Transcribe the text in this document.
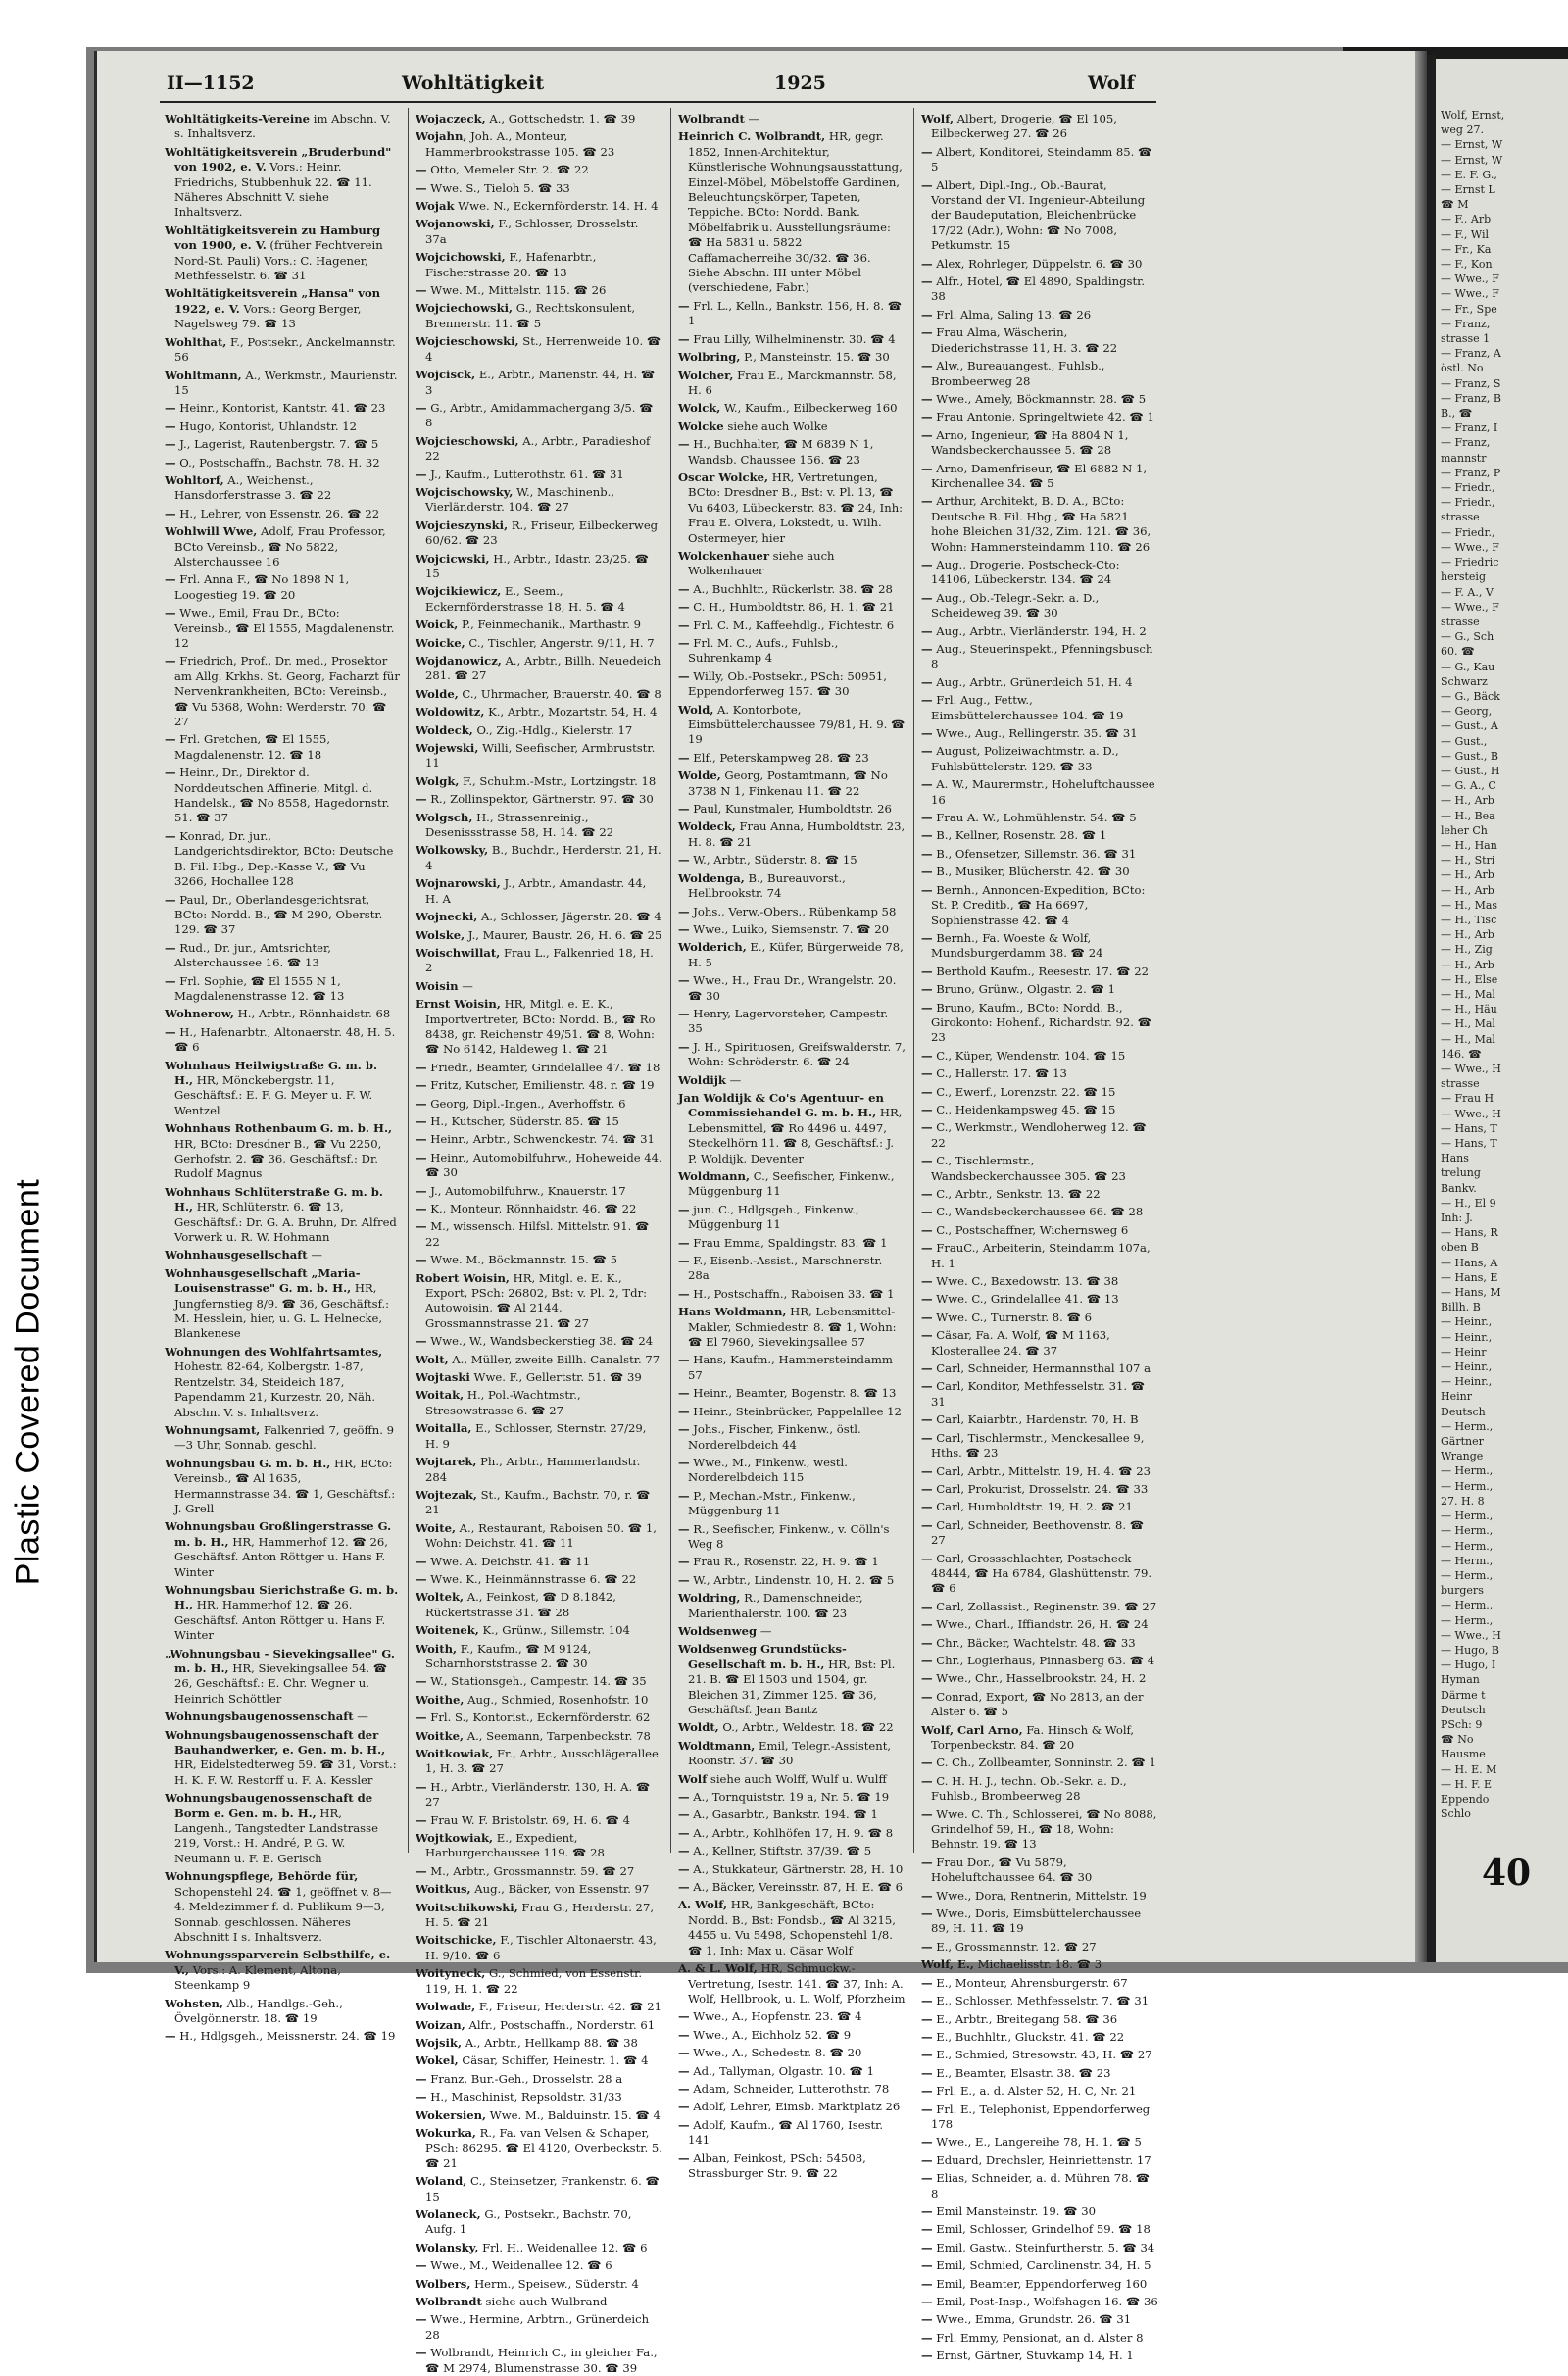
Plastic Covered Document
II—1152	Wohltätigkeit	1925	Wolf
Wohltätigkeits-Vereine im Abschn. V. s. Inhaltsverz.
Wohltätigkeitsverein „Bruderbund" von 1902, e. V. Vors.: Heinr. Friedrichs, Stubbenhuk 22. ☎ 11. Näheres Abschnitt V. siehe Inhaltsverz.
Wohltätigkeitsverein zu Hamburg von 1900, e. V. (früher Fechtverein Nord-St. Pauli) Vors.: C. Hagener, Methfesselstr. 6. ☎ 31
Wohltätigkeitsverein „Hansa" von 1922, e. V. Vors.: Georg Berger, Nagelsweg 79. ☎ 13
Wohlthat, F., Postsekr., Anckelmannstr. 56
Wohltmann, A., Werkmstr., Maurienstr. 15
— Heinr., Kontorist, Kantstr. 41. ☎ 23
— Hugo, Kontorist, Uhlandstr. 12
— J., Lagerist, Rautenbergstr. 7. ☎ 5
— O., Postschaffn., Bachstr. 78. H. 32
Wohltorf, A., Weichenst., Hansdorferstrasse 3. ☎ 22
— H., Lehrer, von Essenstr. 26. ☎ 22
Wohlwill Wwe, Adolf, Frau Professor, BCto Vereinsb., ☎ No 5822, Alsterchaussee 16
— Frl. Anna F., ☎ No 1898 N 1, Loogestieg 19. ☎ 20
— Wwe., Emil, Frau Dr., BCto: Vereinsb., ☎ El 1555, Magdalenenstr. 12
— Friedrich, Prof., Dr. med., Prosektor am Allg. Krkhs. St. Georg, Facharzt für Nervenkrankheiten, BCto: Vereinsb., ☎ Vu 5368, Wohn: Werderstr. 70. ☎ 27
— Frl. Gretchen, ☎ El 1555, Magdalenenstr. 12. ☎ 18
— Heinr., Dr., Direktor d. Norddeutschen Affinerie, Mitgl. d. Handelsk., ☎ No 8558, Hagedornstr. 51. ☎ 37
— Konrad, Dr. jur., Landgerichtsdirektor, BCto: Deutsche B. Fil. Hbg., Dep.-Kasse V., ☎ Vu 3266, Hochallee 128
— Paul, Dr., Oberlandesgerichtsrat, BCto: Nordd. B., ☎ M 290, Oberstr. 129. ☎ 37
— Rud., Dr. jur., Amtsrichter, Alsterchaussee 16. ☎ 13
— Frl. Sophie, ☎ El 1555 N 1, Magdalenenstrasse 12. ☎ 13
Wohnerow, H., Arbtr., Rönnhaidstr. 68
— H., Hafenarbtr., Altonaerstr. 48, H. 5. ☎ 6
Wohnhaus Heilwigstraße G. m. b. H., HR, Mönckebergstr. 11, Geschäftsf.: E. F. G. Meyer u. F. W. Wentzel
Wohnhaus Rothenbaum G. m. b. H., HR, BCto: Dresdner B., ☎ Vu 2250, Gerhofstr. 2. ☎ 36, Geschäftsf.: Dr. Rudolf Magnus
Wohnhaus Schlüterstraße G. m. b. H., HR, Schlüterstr. 6. ☎ 13, Geschäftsf.: Dr. G. A. Bruhn, Dr. Alfred Vorwerk u. R. W. Hohmann
Wohnhausgesellschaft —
Wohnhausgesellschaft „Maria-Louisenstrasse" G. m. b. H., HR, Jungfernstieg 8/9. ☎ 36, Geschäftsf.: M. Hesslein, hier, u. G. L. Helnecke, Blankenese
Wohnungen des Wohlfahrtsamtes, Hohestr. 82-64, Kolbergstr. 1-87, Rentzelstr. 34, Steideich 187, Papendamm 21, Kurzestr. 20, Näh. Abschn. V. s. Inhaltsverz.
Wohnungsamt, Falkenried 7, geöffn. 9—3 Uhr, Sonnab. geschl.
Wohnungsbau G. m. b. H., HR, BCto: Vereinsb., ☎ Al 1635, Hermannstrasse 34. ☎ 1, Geschäftsf.: J. Grell
Wohnungsbau Großlingerstrasse G. m. b. H., HR, Hammerhof 12. ☎ 26, Geschäftsf. Anton Röttger u. Hans F. Winter
Wohnungsbau Sierichstraße G. m. b. H., HR, Hammerhof 12. ☎ 26, Geschäftsf. Anton Röttger u. Hans F. Winter
„Wohnungsbau - Sievekingsallee" G. m. b. H., HR, Sievekingsallee 54. ☎ 26, Geschäftsf.: E. Chr. Wegner u. Heinrich Schöttler
Wohnungsbaugenossenschaft —
Wohnungsbaugenossenschaft der Bauhandwerker, e. Gen. m. b. H., HR, Eidelstedterweg 59. ☎ 31, Vorst.: H. K. F. W. Restorff u. F. A. Kessler
Wohnungsbaugenossenschaft de Borm e. Gen. m. b. H., HR, Langenh., Tangstedter Landstrasse 219, Vorst.: H. André, P. G. W. Neumann u. F. E. Gerisch
Wohnungspflege, Behörde für, Schopenstehl 24. ☎ 1, geöffnet v. 8—4. Meldezimmer f. d. Publikum 9—3, Sonnab. geschlossen. Näheres Abschnitt I s. Inhaltsverz.
Wohnungssparverein Selbsthilfe, e. V., Vors.: A. Klement, Altona, Steenkamp 9
Wohsten, Alb., Handlgs.-Geh., Övelgönnerstr. 18. ☎ 19
— H., Hdlgsgeh., Meissnerstr. 24. ☎ 19
Wojaczeck, A., Gottschedstr. 1. ☎ 39
Wojahn, Joh. A., Monteur, Hammerbrookstrasse 105. ☎ 23
— Otto, Memeler Str. 2. ☎ 22
— Wwe. S., Tieloh 5. ☎ 33
Wojak Wwe. N., Eckernförderstr. 14. H. 4
Wojanowski, F., Schlosser, Drosselstr. 37a
Wojcichowski, F., Hafenarbtr., Fischerstrasse 20. ☎ 13
— Wwe. M., Mittelstr. 115. ☎ 26
Wojciechowski, G., Rechtskonsulent, Brennerstr. 11. ☎ 5
Wojcieschowski, St., Herrenweide 10. ☎ 4
Wojcisck, E., Arbtr., Marienstr. 44, H. ☎ 3
— G., Arbtr., Amidammachergang 3/5. ☎ 8
Wojcieschowski, A., Arbtr., Paradieshof 22
— J., Kaufm., Lutterothstr. 61. ☎ 31
Wojcischowsky, W., Maschinenb., Vierländerstr. 104. ☎ 27
Wojcieszynski, R., Friseur, Eilbeckerweg 60/62. ☎ 23
Wojcicwski, H., Arbtr., Idastr. 23/25. ☎ 15
Wojcikiewicz, E., Seem., Eckernförderstrasse 18, H. 5. ☎ 4
Woick, P., Feinmechanik., Marthastr. 9
Woicke, C., Tischler, Angerstr. 9/11, H. 7
Wojdanowicz, A., Arbtr., Billh. Neuedeich 281. ☎ 27
Wolde, C., Uhrmacher, Brauerstr. 40. ☎ 8
Woldowitz, K., Arbtr., Mozartstr. 54, H. 4
Woldeck, O., Zig.-Hdlg., Kielerstr. 17
Wojewski, Willi, Seefischer, Armbruststr. 11
Wolgk, F., Schuhm.-Mstr., Lortzingstr. 18
— R., Zollinspektor, Gärtnerstr. 97. ☎ 30
Wolgsch, H., Strassenreinig., Desenissstrasse 58, H. 14. ☎ 22
Wolkowsky, B., Buchdr., Herderstr. 21, H. 4
Wojnarowski, J., Arbtr., Amandastr. 44, H. A
Wojnecki, A., Schlosser, Jägerstr. 28. ☎ 4
Wolske, J., Maurer, Baustr. 26, H. 6. ☎ 25
Woischwillat, Frau L., Falkenried 18, H. 2
Woisin —
Ernst Woisin, HR, Mitgl. e. E. K., Importvertreter, BCto: Nordd. B., ☎ Ro 8438, gr. Reichenstr 49/51. ☎ 8, Wohn: ☎ No 6142, Haldeweg 1. ☎ 21
— Friedr., Beamter, Grindelallee 47. ☎ 18
— Fritz, Kutscher, Emilienstr. 48. r. ☎ 19
— Georg, Dipl.-Ingen., Averhoffstr. 6
— H., Kutscher, Süderstr. 85. ☎ 15
— Heinr., Arbtr., Schwenckestr. 74. ☎ 31
— Heinr., Automobilfuhrw., Hoheweide 44. ☎ 30
— J., Automobilfuhrw., Knauerstr. 17
— K., Monteur, Rönnhaidstr. 46. ☎ 22
— M., wissensch. Hilfsl. Mittelstr. 91. ☎ 22
— Wwe. M., Böckmannstr. 15. ☎ 5
Robert Woisin, HR, Mitgl. e. E. K., Export, PSch: 26802, Bst: v. Pl. 2, Tdr: Autowoisin, ☎ Al 2144, Grossmannstrasse 21. ☎ 27
— Wwe., W., Wandsbeckerstieg 38. ☎ 24
Wolt, A., Müller, zweite Billh. Canalstr. 77
Wojtaski Wwe. F., Gellertstr. 51. ☎ 39
Woitak, H., Pol.-Wachtmstr., Stresowstrasse 6. ☎ 27
Woitalla, E., Schlosser, Sternstr. 27/29, H. 9
Wojtarek, Ph., Arbtr., Hammerlandstr. 284
Wojtezak, St., Kaufm., Bachstr. 70, r. ☎ 21
Woite, A., Restaurant, Raboisen 50. ☎ 1, Wohn: Deichstr. 41. ☎ 11
— Wwe. A. Deichstr. 41. ☎ 11
— Wwe. K., Heinmännstrasse 6. ☎ 22
Woltek, A., Feinkost, ☎ D 8.1842, Rückertstrasse 31. ☎ 28
Woitenek, K., Grünw., Sillemstr. 104
Woith, F., Kaufm., ☎ M 9124, Scharnhorststrasse 2. ☎ 30
— W., Stationsgeh., Campestr. 14. ☎ 35
Woithe, Aug., Schmied, Rosenhofstr. 10
— Frl. S., Kontorist., Eckernförderstr. 62
Woitke, A., Seemann, Tarpenbeckstr. 78
Woitkowiak, Fr., Arbtr., Ausschlägerallee 1, H. 3. ☎ 27
— H., Arbtr., Vierländerstr. 130, H. A. ☎ 27
— Frau W. F. Bristolstr. 69, H. 6. ☎ 4
Wojtkowiak, E., Expedient, Harburgerchaussee 119. ☎ 28
— M., Arbtr., Grossmannstr. 59. ☎ 27
Woitkus, Aug., Bäcker, von Essenstr. 97
Woitschikowski, Frau G., Herderstr. 27, H. 5. ☎ 21
Woitschicke, F., Tischler Altonaerstr. 43, H. 9/10. ☎ 6
Woityneck, G., Schmied, von Essenstr. 119, H. 1. ☎ 22
Wolwade, F., Friseur, Herderstr. 42. ☎ 21
Woizan, Alfr., Postschaffn., Norderstr. 61
Wojsik, A., Arbtr., Hellkamp 88. ☎ 38
Wokel, Cäsar, Schiffer, Heinestr. 1. ☎ 4
— Franz, Bur.-Geh., Drosselstr. 28 a
— H., Maschinist, Repsoldstr. 31/33
Wokersien, Wwe. M., Balduinstr. 15. ☎ 4
Wokurka, R., Fa. van Velsen & Schaper, PSch: 86295. ☎ El 4120, Overbeckstr. 5. ☎ 21
Woland, C., Steinsetzer, Frankenstr. 6. ☎ 15
Wolaneck, G., Postsekr., Bachstr. 70, Aufg. 1
Wolansky, Frl. H., Weidenallee 12. ☎ 6
— Wwe., M., Weidenallee 12. ☎ 6
Wolbers, Herm., Speisew., Süderstr. 4
Wolbrandt siehe auch Wulbrand
— Wwe., Hermine, Arbtrn., Grünerdeich 28
— Wolbrandt, Heinrich C., in gleicher Fa., ☎ M 2974, Blumenstrasse 30. ☎ 39
Wolbrandt —
Heinrich C. Wolbrandt, HR, gegr. 1852, Innen-Architektur, Künstlerische Wohnungsausstattung, Einzel-Möbel, Möbelstoffe Gardinen, Beleuchtungskörper, Tapeten, Teppiche. BCto: Nordd. Bank. Möbelfabrik u. Ausstellungsräume: ☎ Ha 5831 u. 5822 Caffamacherreihe 30/32. ☎ 36. Siehe Abschn. III unter Möbel (verschiedene, Fabr.)
— Frl. L., Kelln., Bankstr. 156, H. 8. ☎ 1
— Frau Lilly, Wilhelminenstr. 30. ☎ 4
Wolbring, P., Mansteinstr. 15. ☎ 30
Wolcher, Frau E., Marckmannstr. 58, H. 6
Wolck, W., Kaufm., Eilbeckerweg 160
Wolcke siehe auch Wolke
— H., Buchhalter, ☎ M 6839 N 1, Wandsb. Chaussee 156. ☎ 23
Oscar Wolcke, HR, Vertretungen, BCto: Dresdner B., Bst: v. Pl. 13, ☎ Vu 6403, Lübeckerstr. 83. ☎ 24, Inh: Frau E. Olvera, Lokstedt, u. Wilh. Ostermeyer, hier
Wolckenhauer siehe auch Wolkenhauer
— A., Buchhltr., Rückerlstr. 38. ☎ 28
— C. H., Humboldtstr. 86, H. 1. ☎ 21
— Frl. C. M., Kaffeehdlg., Fichtestr. 6
— Frl. M. C., Aufs., Fuhlsb., Suhrenkamp 4
— Willy, Ob.-Postsekr., PSch: 50951, Eppendorferweg 157. ☎ 30
Wold, A. Kontorbote, Eimsbüttelerchaussee 79/81, H. 9. ☎ 19
— Elf., Peterskampweg 28. ☎ 23
Wolde, Georg, Postamtmann, ☎ No 3738 N 1, Finkenau 11. ☎ 22
— Paul, Kunstmaler, Humboldtstr. 26
Woldeck, Frau Anna, Humboldtstr. 23, H. 8. ☎ 21
— W., Arbtr., Süderstr. 8. ☎ 15
Woldenga, B., Bureauvorst., Hellbrookstr. 74
— Johs., Verw.-Obers., Rübenkamp 58
— Wwe., Luiko, Siemsenstr. 7. ☎ 20
Wolderich, E., Küfer, Bürgerweide 78, H. 5
— Wwe., H., Frau Dr., Wrangelstr. 20. ☎ 30
— Henry, Lagervorsteher, Campestr. 35
— J. H., Spirituosen, Greifswalderstr. 7, Wohn: Schröderstr. 6. ☎ 24
Woldijk —
Jan Woldijk & Co's Agentuur- en Commissiehandel G. m. b. H., HR, Lebensmittel, ☎ Ro 4496 u. 4497, Steckelhörn 11. ☎ 8, Geschäftsf.: J. P. Woldijk, Deventer
Woldmann, C., Seefischer, Finkenw., Müggenburg 11
— jun. C., Hdlgsgeh., Finkenw., Müggenburg 11
— Frau Emma, Spaldingstr. 83. ☎ 1
— F., Eisenb.-Assist., Marschnerstr. 28a
— H., Postschaffn., Raboisen 33. ☎ 1
Hans Woldmann, HR, Lebensmittel-Makler, Schmiedestr. 8. ☎ 1, Wohn: ☎ El 7960, Sievekingsallee 57
— Hans, Kaufm., Hammersteindamm 57
— Heinr., Beamter, Bogenstr. 8. ☎ 13
— Heinr., Steinbrücker, Pappelallee 12
— Johs., Fischer, Finkenw., östl. Norderelbdeich 44
— Wwe., M., Finkenw., westl. Norderelbdeich 115
— P., Mechan.-Mstr., Finkenw., Müggenburg 11
— R., Seefischer, Finkenw., v. Cölln's Weg 8
— Frau R., Rosenstr. 22, H. 9. ☎ 1
— W., Arbtr., Lindenstr. 10, H. 2. ☎ 5
Woldring, R., Damenschneider, Marienthalerstr. 100. ☎ 23
Woldsenweg —
Woldsenweg Grundstücks-Gesellschaft m. b. H., HR, Bst: Pl. 21. B. ☎ El 1503 und 1504, gr. Bleichen 31, Zimmer 125. ☎ 36, Geschäftsf. Jean Bantz
Woldt, O., Arbtr., Weldestr. 18. ☎ 22
Woldtmann, Emil, Telegr.-Assistent, Roonstr. 37. ☎ 30
Wolf siehe auch Wolff, Wulf u. Wulff
— A., Tornquiststr. 19 a, Nr. 5. ☎ 19
— A., Gasarbtr., Bankstr. 194. ☎ 1
— A., Arbtr., Kohlhöfen 17, H. 9. ☎ 8
— A., Kellner, Stiftstr. 37/39. ☎ 5
— A., Stukkateur, Gärtnerstr. 28, H. 10
— A., Bäcker, Vereinsstr. 87, H. E. ☎ 6
A. Wolf, HR, Bankgeschäft, BCto: Nordd. B., Bst: Fondsb., ☎ Al 3215, 4455 u. Vu 5498, Schopenstehl 1/8. ☎ 1, Inh: Max u. Cäsar Wolf
A. & L. Wolf, HR, Schmuckw.-Vertretung, Isestr. 141. ☎ 37, Inh: A. Wolf, Hellbrook, u. L. Wolf, Pforzheim
— Wwe., A., Hopfenstr. 23. ☎ 4
— Wwe., A., Eichholz 52. ☎ 9
— Wwe., A., Schedestr. 8. ☎ 20
— Ad., Tallyman, Olgastr. 10. ☎ 1
— Adam, Schneider, Lutterothstr. 78
— Adolf, Lehrer, Eimsb. Marktplatz 26
— Adolf, Kaufm., ☎ Al 1760, Isestr. 141
— Alban, Feinkost, PSch: 54508, Strassburger Str. 9. ☎ 22
Wolf, Albert, Drogerie, ☎ El 105, Eilbeckerweg 27. ☎ 26
— Albert, Konditorei, Steindamm 85. ☎ 5
— Albert, Dipl.-Ing., Ob.-Baurat, Vorstand der VI. Ingenieur-Abteilung der Baudeputation, Bleichenbrücke 17/22 (Adr.), Wohn: ☎ No 7008, Petkumstr. 15
— Alex, Rohrleger, Düppelstr. 6. ☎ 30
— Alfr., Hotel, ☎ El 4890, Spaldingstr. 38
— Frl. Alma, Saling 13. ☎ 26
— Frau Alma, Wäscherin, Diederichstrasse 11, H. 3. ☎ 22
— Alw., Bureauangest., Fuhlsb., Brombeerweg 28
— Wwe., Amely, Böckmannstr. 28. ☎ 5
— Frau Antonie, Springeltwiete 42. ☎ 1
— Arno, Ingenieur, ☎ Ha 8804 N 1, Wandsbeckerchaussee 5. ☎ 28
— Arno, Damenfriseur, ☎ El 6882 N 1, Kirchenallee 34. ☎ 5
— Arthur, Architekt, B. D. A., BCto: Deutsche B. Fil. Hbg., ☎ Ha 5821 hohe Bleichen 31/32, Zim. 121. ☎ 36, Wohn: Hammersteindamm 110. ☎ 26
— Aug., Drogerie, Postscheck-Cto: 14106, Lübeckerstr. 134. ☎ 24
— Aug., Ob.-Telegr.-Sekr. a. D., Scheideweg 39. ☎ 30
— Aug., Arbtr., Vierländerstr. 194, H. 2
— Aug., Steuerinspekt., Pfenningsbusch 8
— Aug., Arbtr., Grünerdeich 51, H. 4
— Frl. Aug., Fettw., Eimsbüttelerchaussee 104. ☎ 19
— Wwe., Aug., Rellingerstr. 35. ☎ 31
— August, Polizeiwachtmstr. a. D., Fuhlsbüttelerstr. 129. ☎ 33
— A. W., Maurermstr., Hoheluftchaussee 16
— Frau A. W., Lohmühlenstr. 54. ☎ 5
— B., Kellner, Rosenstr. 28. ☎ 1
— B., Ofensetzer, Sillemstr. 36. ☎ 31
— B., Musiker, Blücherstr. 42. ☎ 30
— Bernh., Annoncen-Expedition, BCto: St. P. Creditb., ☎ Ha 6697, Sophienstrasse 42. ☎ 4
— Bernh., Fa. Woeste & Wolf, Mundsburgerdamm 38. ☎ 24
— Berthold Kaufm., Reesestr. 17. ☎ 22
— Bruno, Grünw., Olgastr. 2. ☎ 1
— Bruno, Kaufm., BCto: Nordd. B., Girokonto: Hohenf., Richardstr. 92. ☎ 23
— C., Küper, Wendenstr. 104. ☎ 15
— C., Hallerstr. 17. ☎ 13
— C., Ewerf., Lorenzstr. 22. ☎ 15
— C., Heidenkampsweg 45. ☎ 15
— C., Werkmstr., Wendloherweg 12. ☎ 22
— C., Tischlermstr., Wandsbeckerchaussee 305. ☎ 23
— C., Arbtr., Senkstr. 13. ☎ 22
— C., Wandsbeckerchaussee 66. ☎ 28
— C., Postschaffner, Wichernsweg 6
— FrauC., Arbeiterin, Steindamm 107a, H. 1
— Wwe. C., Baxedowstr. 13. ☎ 38
— Wwe. C., Grindelallee 41. ☎ 13
— Wwe. C., Turnerstr. 8. ☎ 6
— Cäsar, Fa. A. Wolf, ☎ M 1163, Klosterallee 24. ☎ 37
— Carl, Schneider, Hermannsthal 107 a
— Carl, Konditor, Methfesselstr. 31. ☎ 31
— Carl, Kaiarbtr., Hardenstr. 70, H. B
— Carl, Tischlermstr., Menckesallee 9, Hths. ☎ 23
— Carl, Arbtr., Mittelstr. 19, H. 4. ☎ 23
— Carl, Prokurist, Drosselstr. 24. ☎ 33
— Carl, Humboldtstr. 19, H. 2. ☎ 21
— Carl, Schneider, Beethovenstr. 8. ☎ 27
— Carl, Grossschlachter, Postscheck 48444, ☎ Ha 6784, Glashüttenstr. 79. ☎ 6
— Carl, Zollassist., Reginenstr. 39. ☎ 27
— Wwe., Charl., Iffiandstr. 26, H. ☎ 24
— Chr., Bäcker, Wachtelstr. 48. ☎ 33
— Chr., Logierhaus, Pinnasberg 63. ☎ 4
— Wwe., Chr., Hasselbrookstr. 24, H. 2
— Conrad, Export, ☎ No 2813, an der Alster 6. ☎ 5
Wolf, Carl Arno, Fa. Hinsch & Wolf, Torpenbeckstr. 84. ☎ 20
— C. Ch., Zollbeamter, Sonninstr. 2. ☎ 1
— C. H. H. J., techn. Ob.-Sekr. a. D., Fuhlsb., Brombeerweg 28
— Wwe. C. Th., Schlosserei, ☎ No 8088, Grindelhof 59, H., ☎ 18, Wohn: Behnstr. 19. ☎ 13
— Frau Dor., ☎ Vu 5879, Hoheluftchaussee 64. ☎ 30
— Wwe., Dora, Rentnerin, Mittelstr. 19
— Wwe., Doris, Eimsbüttelerchaussee 89, H. 11. ☎ 19
— E., Grossmannstr. 12. ☎ 27
Wolf, E., Michaelisstr. 18. ☎ 3
— E., Monteur, Ahrensburgerstr. 67
— E., Schlosser, Methfesselstr. 7. ☎ 31
— E., Arbtr., Breitegang 58. ☎ 36
— E., Buchhltr., Gluckstr. 41. ☎ 22
— E., Schmied, Stresowstr. 43, H. ☎ 27
— E., Beamter, Elsastr. 38. ☎ 23
— Frl. E., a. d. Alster 52, H. C, Nr. 21
— Frl. E., Telephonist, Eppendorferweg 178
— Wwe., E., Langereihe 78, H. 1. ☎ 5
— Eduard, Drechsler, Heinriettenstr. 17
— Elias, Schneider, a. d. Mühren 78. ☎ 8
— Emil Mansteinstr. 19. ☎ 30
— Emil, Schlosser, Grindelhof 59. ☎ 18
— Emil, Gastw., Steinfurtherstr. 5. ☎ 34
— Emil, Schmied, Carolinenstr. 34, H. 5
— Emil, Beamter, Eppendorferweg 160
— Emil, Post-Insp., Wolfshagen 16. ☎ 36
— Wwe., Emma, Grundstr. 26. ☎ 31
— Frl. Emmy, Pensionat, an d. Alster 8
— Ernst, Gärtner, Stuvkamp 14, H. 1
Wolf, Ernst,
weg 27.
— Ernst, W
— Ernst, W
— E. F. G.,
— Ernst L
☎ M
— F., Arb
— F., Wil
— Fr., Ka
— F., Kon
— Wwe., F
— Wwe., F
— Fr., Spe
— Franz,
strasse 1
— Franz, A
östl. No
— Franz, S
— Franz, B
B., ☎
— Franz, I
— Franz,
mannstr
— Franz, P
— Friedr.,
— Friedr.,
strasse
— Friedr.,
— Wwe., F
— Friedric
hersteig
— F. A., V
— Wwe., F
strasse
— G., Sch
60. ☎
— G., Kau
Schwarz
— G., Bäck
— Georg,
— Gust., A
— Gust.,
— Gust., B
— Gust., H
— G. A., C
— H., Arb
— H., Bea
leher Ch
— H., Han
— H., Stri
— H., Arb
— H., Arb
— H., Mas
— H., Tisc
— H., Arb
— H., Zig
— H., Arb
— H., Else
— H., Mal
— H., Häu
— H., Mal
— H., Mal
146. ☎
— Wwe., H
strasse
— Frau H
— Wwe., H
— Hans, T
— Hans, T
Hans
trelung
Bankv.
— H., El 9
Inh: J.
— Hans, R
oben B
— Hans, A
— Hans, E
— Hans, M
Billh. B
— Heinr.,
— Heinr.,
— Heinr
— Heinr.,
— Heinr.,
Heinr
Deutsch
— Herm.,
Gärtner
Wrange
— Herm.,
— Herm.,
27. H. 8
— Herm.,
— Herm.,
— Herm.,
— Herm.,
— Herm.,
burgers
— Herm.,
— Herm.,
— Wwe., H
— Hugo, B
— Hugo, I
Hyman
Därme t
Deutsch
PSch: 9
☎ No
Hausme
— H. E. M
— H. F. E
Eppendo
Schlo
40
